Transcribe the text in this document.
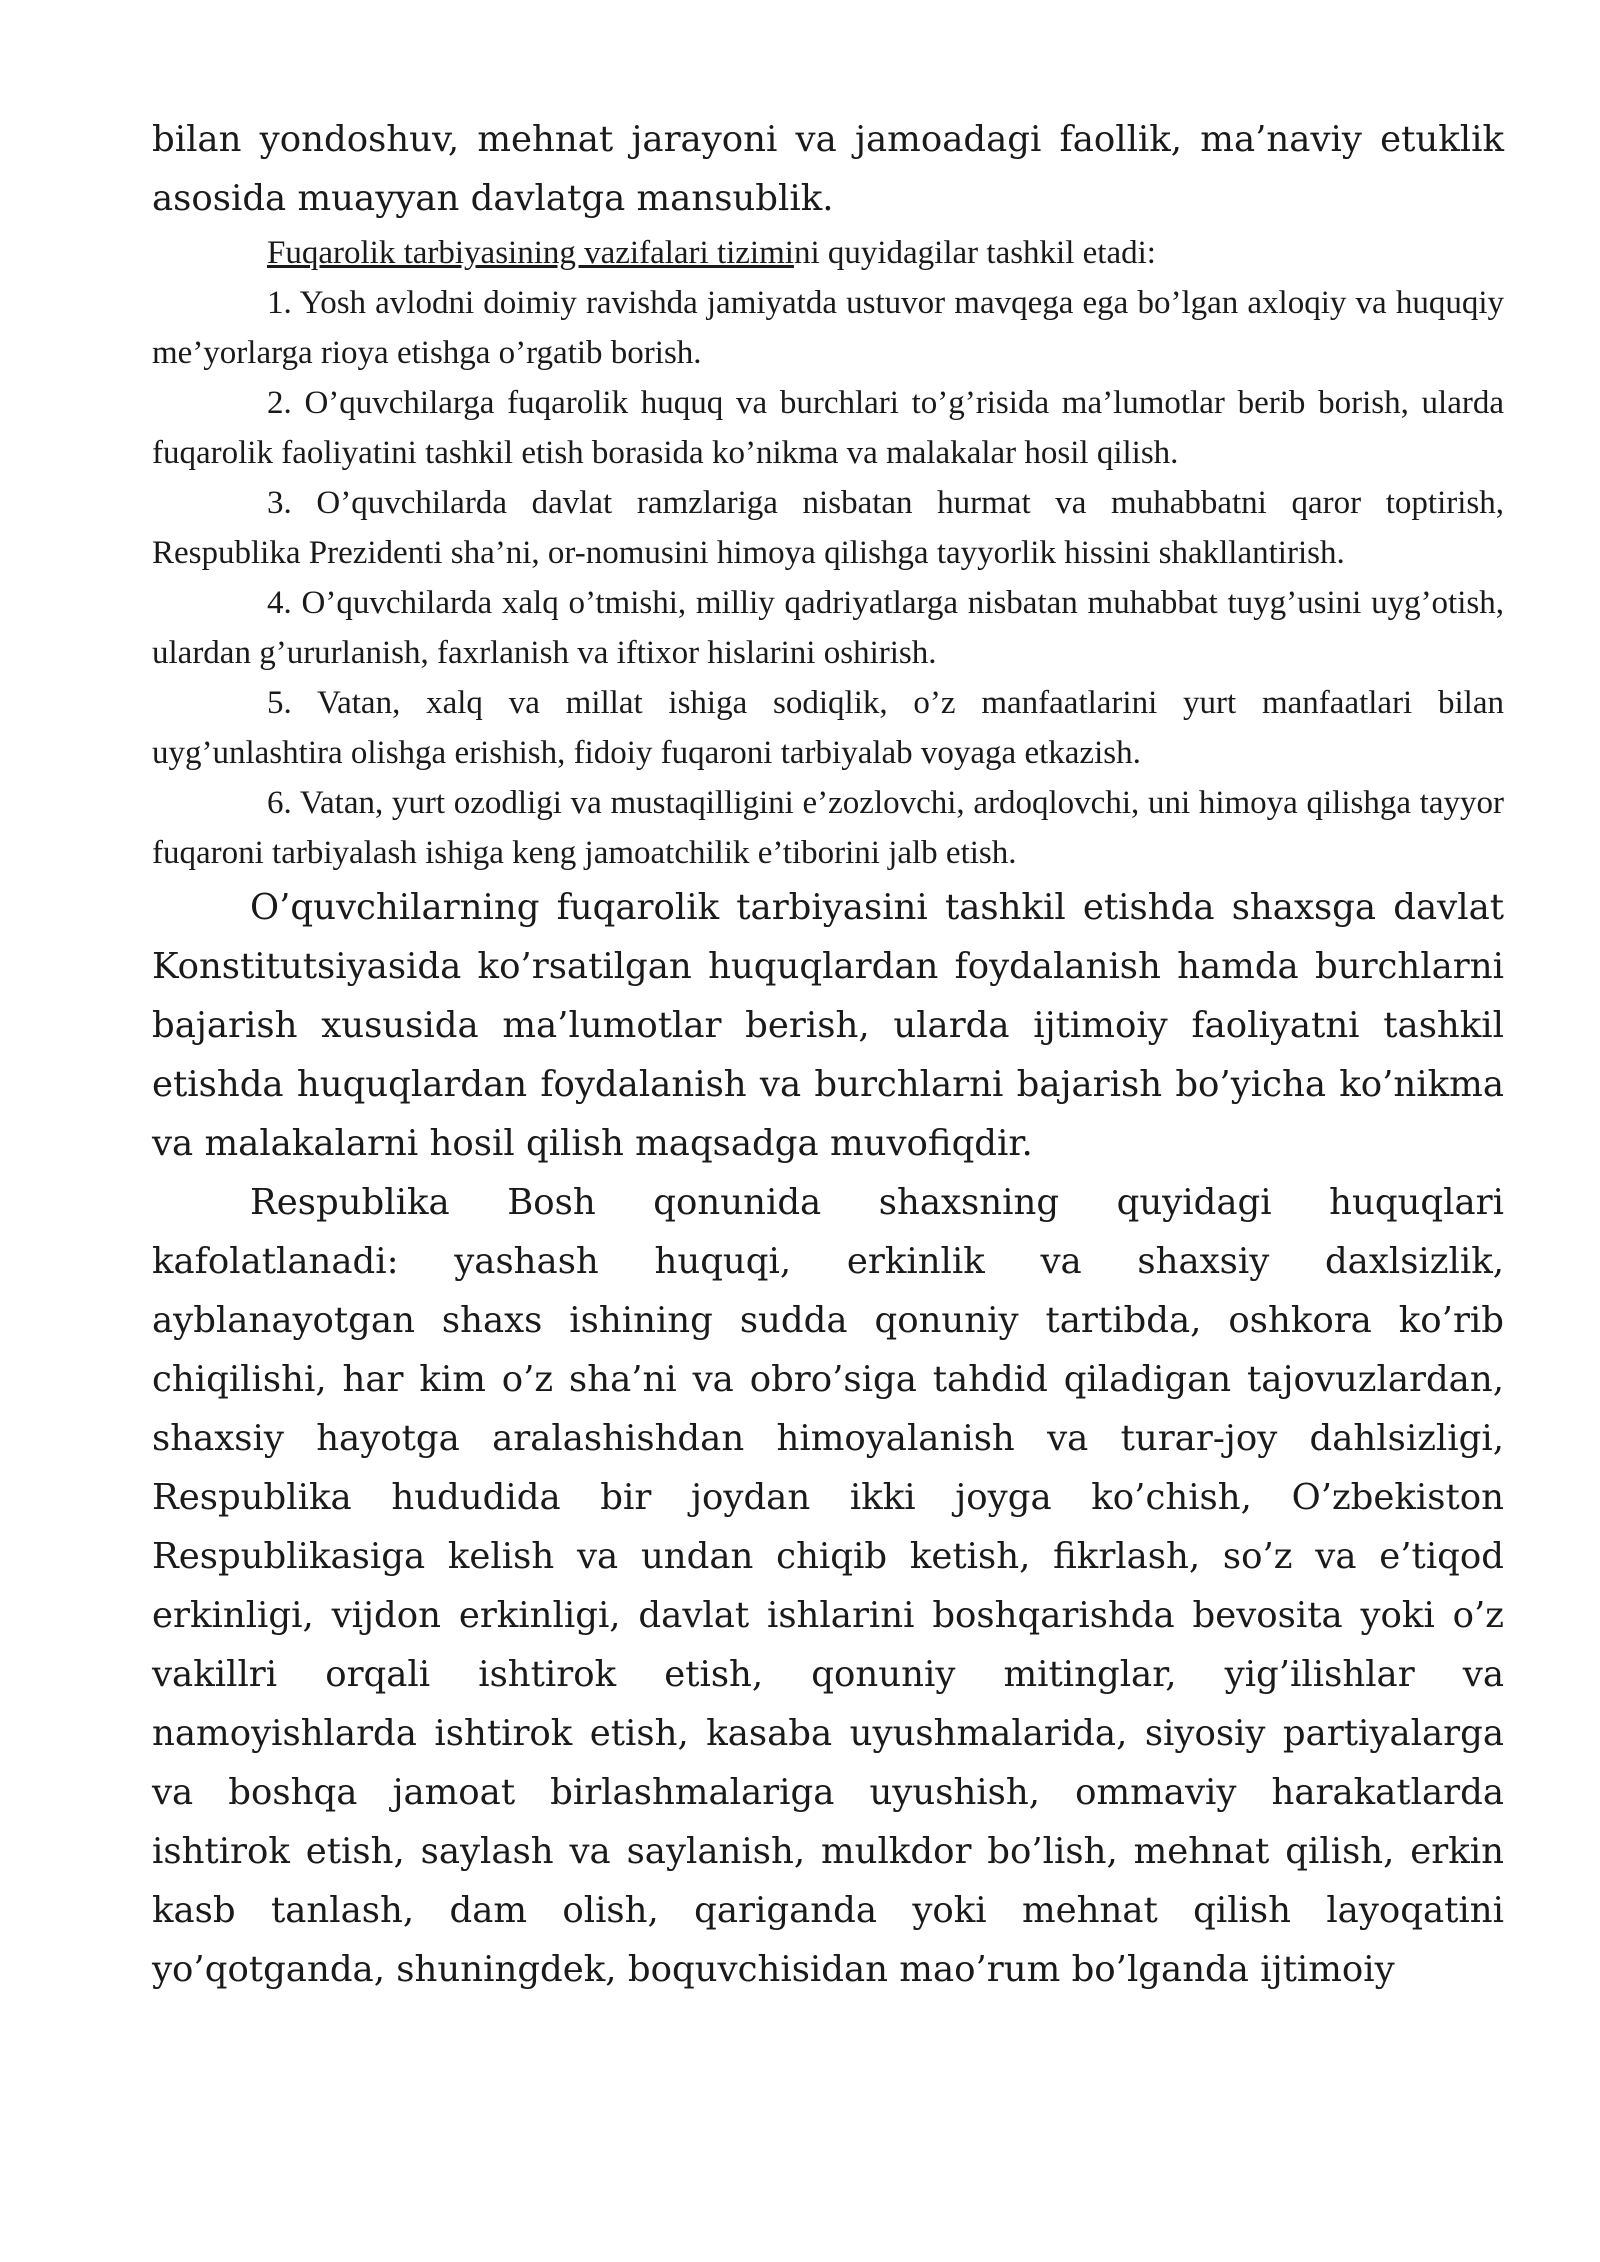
bilan yondoshuv, mehnat jarayoni va jamoadagi faollik, ma’naviy etuklik asosida muayyan davlatga mansublik.

Fuqarolik tarbiyasining vazifalari tizimini quyidagilar tashkil etadi:

1. Yosh avlodni doimiy ravishda jamiyatda ustuvor mavqega ega bo’lgan axloqiy va huquqiy me’yorlarga rioya etishga o’rgatib borish.

2. O’quvchilarga fuqarolik huquq va burchlari to’g’risida ma’lumotlar berib borish, ularda fuqarolik faoliyatini tashkil etish borasida ko’nikma va malakalar hosil qilish.

3. O’quvchilarda davlat ramzlariga nisbatan hurmat va muhabbatni qaror toptirish, Respublika Prezidenti sha’ni, or-nomusini himoya qilishga tayyorlik hissini shakllantirish.

4. O’quvchilarda xalq o’tmishi, milliy qadriyatlarga nisbatan muhabbat tuyg’usini uyg’otish, ulardan g’ururlanish, faxrlanish va iftixor hislarini oshirish.

5. Vatan, xalq va millat ishiga sodiqlik, o’z manfaatlarini yurt manfaatlari bilan uyg’unlashtira olishga erishish, fidoiy fuqaroni tarbiyalab voyaga etkazish.

6. Vatan, yurt ozodligi va mustaqilligini e’zozlovchi, ardoqlovchi, uni himoya qilishga tayyor fuqaroni tarbiyalash ishiga keng jamoatchilik e’tiborini jalb etish.

O’quvchilarning fuqarolik tarbiyasini tashkil etishda shaxsga davlat Konstitutsiyasida ko’rsatilgan huquqlardan foydalanish hamda burchlarni bajarish xususida ma’lumotlar berish, ularda ijtimoiy faoliyatni tashkil etishda huquqlardan foydalanish va burchlarni bajarish bo’yicha ko’nikma va malakalarni hosil qilish maqsadga muvofiqdir.

Respublika Bosh qonunida shaxsning quyidagi huquqlari kafolatlanadi: yashash huquqi, erkinlik va shaxsiy daxlsizlik, ayblanayotgan shaxs ishining sudda qonuniy tartibda, oshkora ko’rib chiqilishi, har kim o’z sha’ni va obro’siga tahdid qiladigan tajovuzlardan, shaxsiy hayotga aralashishdan himoyalanish va turar-joy dahlsizligi, Respublika hududida bir joydan ikki joyga ko’chish, O’zbekiston Respublikasiga kelish va undan chiqib ketish, fikrlash, so’z va e’tiqod erkinligi, vijdon erkinligi, davlat ishlarini boshqarishda bevosita yoki o’z vakillri orqali ishtirok etish, qonuniy mitinglar, yig’ilishlar va namoyishlarda ishtirok etish, kasaba uyushmalarida, siyosiy partiyalarga va boshqa jamoat birlashmalariga uyushish, ommaviy harakatlarda ishtirok etish, saylash va saylanish, mulkdor bo’lish, mehnat qilish, erkin kasb tanlash, dam olish, qariganda yoki mehnat qilish layoqatini yo’qotganda, shuningdek, boquvchisidan mao’rum bo’lganda ijtimoiy
